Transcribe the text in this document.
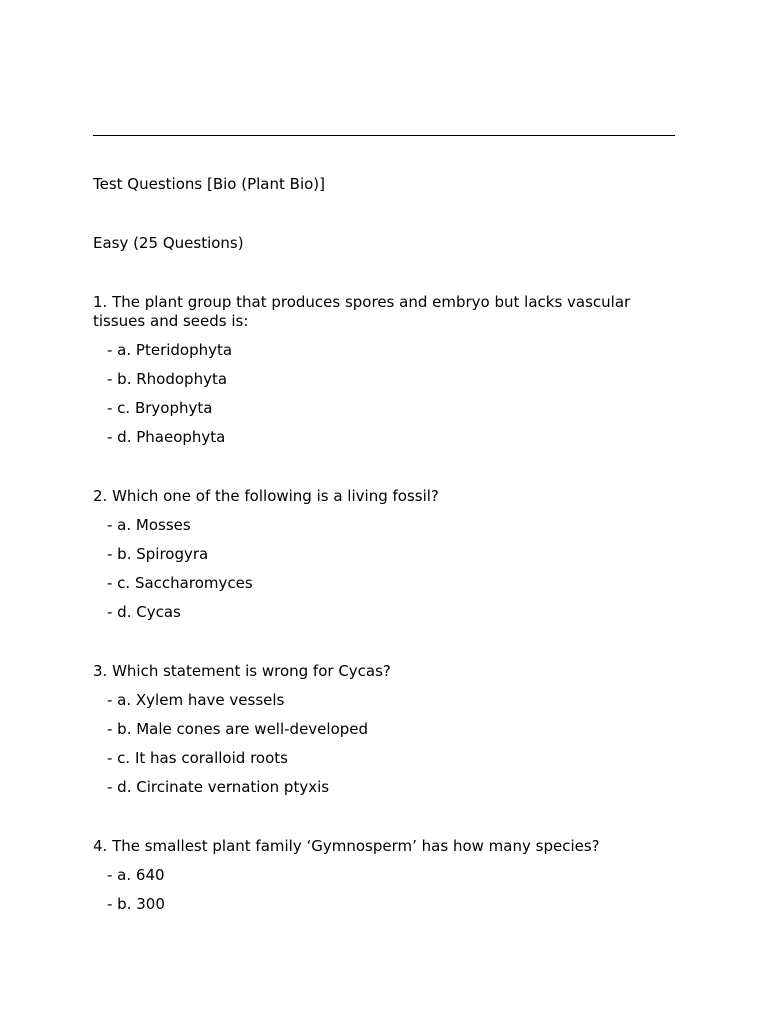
Test Questions [Bio (Plant Bio)]

Easy (25 Questions)

1. The plant group that produces spores and embryo but lacks vascular tissues and seeds is:

- a. Pteridophyta
- b. Rhodophyta
- c. Bryophyta
- d. Phaeophyta

2. Which one of the following is a living fossil?

- a. Mosses
- b. Spirogyra
- c. Saccharomyces
- d. Cycas

3. Which statement is wrong for Cycas?

- a. Xylem have vessels
- b. Male cones are well-developed
- c. It has coralloid roots
- d. Circinate vernation ptyxis

4. The smallest plant family ‘Gymnosperm’ has how many species?

- a. 640
- b. 300
